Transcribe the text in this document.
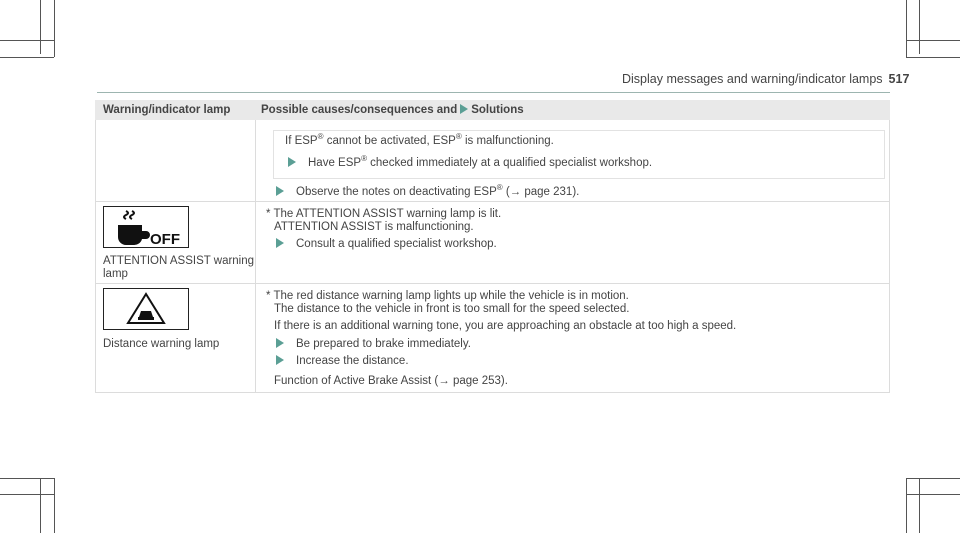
Display messages and warning/indicator lamps 517
Warning/indicator lamp	Possible causes/consequences and Solutions
If ESP® cannot be activated, ESP® is malfunctioning.
Have ESP® checked immediately at a qualified specialist workshop.
Observe the notes on deactivating ESP® (→ page 231).
OFF
ATTENTION ASSIST warning
lamp
* The ATTENTION ASSIST warning lamp is lit.
ATTENTION ASSIST is malfunctioning.
Consult a qualified specialist workshop.
Distance warning lamp
* The red distance warning lamp lights up while the vehicle is in motion.
The distance to the vehicle in front is too small for the speed selected.
If there is an additional warning tone, you are approaching an obstacle at too high a speed.
Be prepared to brake immediately.
Increase the distance.
Function of Active Brake Assist (→ page 253).
